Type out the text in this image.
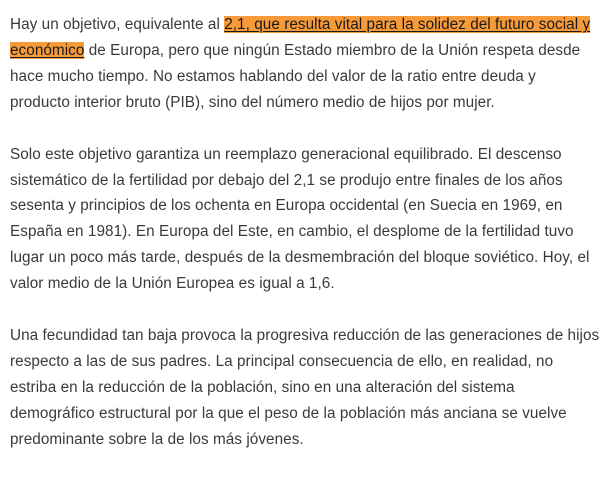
Hay un objetivo, equivalente al 2,1, que resulta vital para la solidez del futuro social y económico de Europa, pero que ningún Estado miembro de la Unión respeta desde hace mucho tiempo. No estamos hablando del valor de la ratio entre deuda y producto interior bruto (PIB), sino del número medio de hijos por mujer.

Solo este objetivo garantiza un reemplazo generacional equilibrado. El descenso sistemático de la fertilidad por debajo del 2,1 se produjo entre finales de los años sesenta y principios de los ochenta en Europa occidental (en Suecia en 1969, en España en 1981). En Europa del Este, en cambio, el desplome de la fertilidad tuvo lugar un poco más tarde, después de la desmembración del bloque soviético. Hoy, el valor medio de la Unión Europea es igual a 1,6.

Una fecundidad tan baja provoca la progresiva reducción de las generaciones de hijos respecto a las de sus padres. La principal consecuencia de ello, en realidad, no estriba en la reducción de la población, sino en una alteración del sistema demográfico estructural por la que el peso de la población más anciana se vuelve predominante sobre la de los más jóvenes.
